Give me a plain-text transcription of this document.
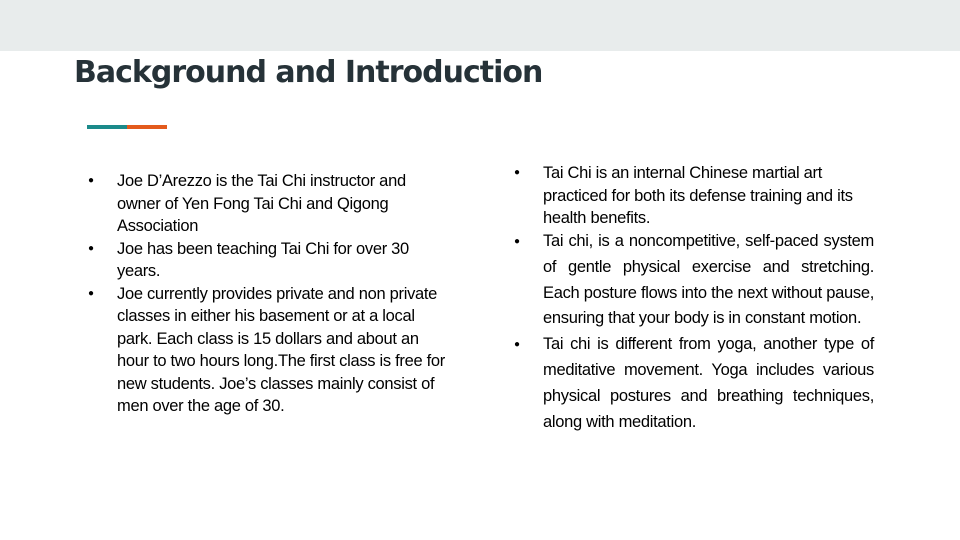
Background and Introduction
● Joe D’Arezzo is the Tai Chi instructor and owner of Yen Fong Tai Chi and Qigong Association
● Joe has been teaching Tai Chi for over 30 years.
● Joe currently provides private and non private classes in either his basement or at a local park. Each class is 15 dollars and about an hour to two hours long.The first class is free for new students. Joe’s classes mainly consist of men over the age of 30.
● Tai Chi is an internal Chinese martial art practiced for both its defense training and its health benefits.
● Tai chi, is a noncompetitive, self-paced system of gentle physical exercise and stretching. Each posture flows into the next without pause, ensuring that your body is in constant motion.
● Tai chi is different from yoga, another type of meditative movement. Yoga includes various physical postures and breathing techniques, along with meditation.
